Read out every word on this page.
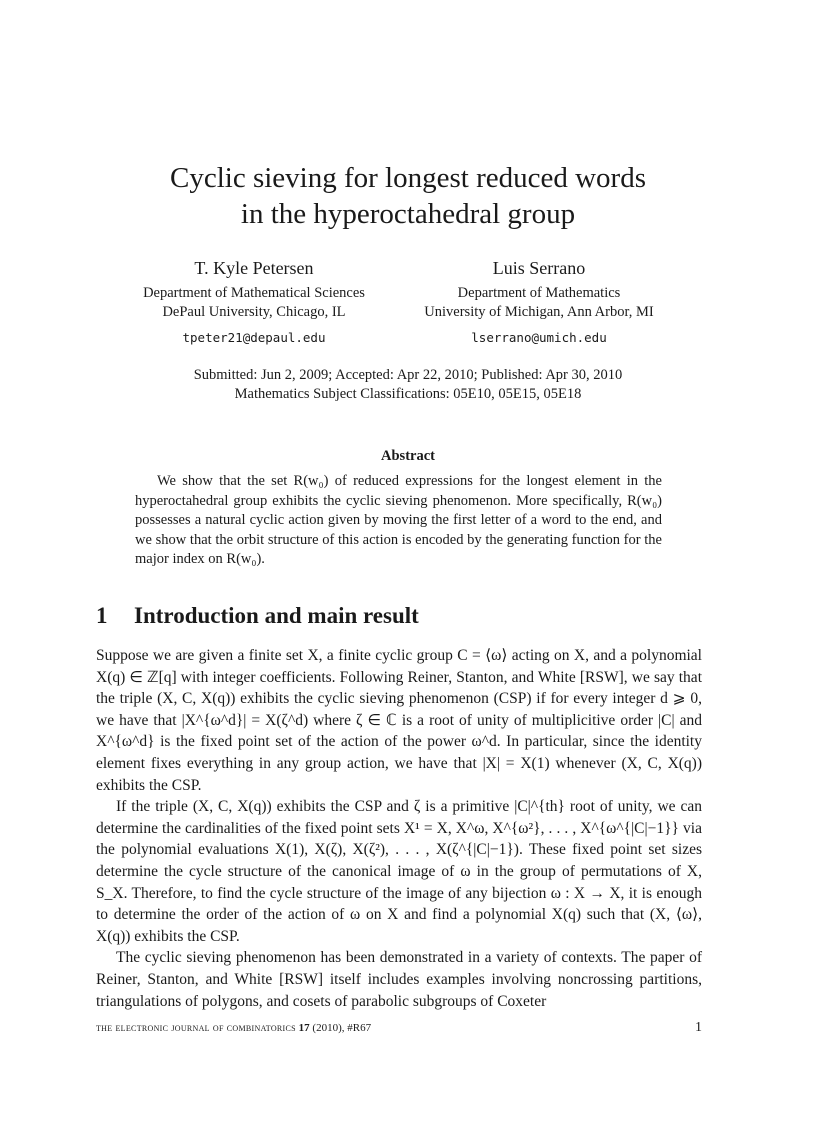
Cyclic sieving for longest reduced words
in the hyperoctahedral group
T. Kyle Petersen
Department of Mathematical Sciences
DePaul University, Chicago, IL
tpeter21@depaul.edu
Luis Serrano
Department of Mathematics
University of Michigan, Ann Arbor, MI
lserrano@umich.edu
Submitted: Jun 2, 2009; Accepted: Apr 22, 2010; Published: Apr 30, 2010
Mathematics Subject Classifications: 05E10, 05E15, 05E18
Abstract
We show that the set R(w₀) of reduced expressions for the longest element in the hyperoctahedral group exhibits the cyclic sieving phenomenon. More specifically, R(w₀) possesses a natural cyclic action given by moving the first letter of a word to the end, and we show that the orbit structure of this action is encoded by the generating function for the major index on R(w₀).
1 Introduction and main result

Suppose we are given a finite set X, a finite cyclic group C = ⟨ω⟩ acting on X, and a polynomial X(q) ∈ ℤ[q] with integer coefficients. Following Reiner, Stanton, and White [RSW], we say that the triple (X, C, X(q)) exhibits the cyclic sieving phenomenon (CSP) if for every integer d ⩾ 0, we have that |X^{ω^d}| = X(ζ^d) where ζ ∈ ℂ is a root of unity of multiplicitive order |C| and X^{ω^d} is the fixed point set of the action of the power ω^d. In particular, since the identity element fixes everything in any group action, we have that |X| = X(1) whenever (X, C, X(q)) exhibits the CSP.

If the triple (X, C, X(q)) exhibits the CSP and ζ is a primitive |C|^{th} root of unity, we can determine the cardinalities of the fixed point sets X¹ = X, X^ω, X^{ω²}, . . . , X^{ω^{|C|−1}} via the polynomial evaluations X(1), X(ζ), X(ζ²), . . . , X(ζ^{|C|−1}). These fixed point set sizes determine the cycle structure of the canonical image of ω in the group of permutations of X, S_X. Therefore, to find the cycle structure of the image of any bijection ω : X → X, it is enough to determine the order of the action of ω on X and find a polynomial X(q) such that (X, ⟨ω⟩, X(q)) exhibits the CSP.

The cyclic sieving phenomenon has been demonstrated in a variety of contexts. The paper of Reiner, Stanton, and White [RSW] itself includes examples involving noncrossing partitions, triangulations of polygons, and cosets of parabolic subgroups of Coxeter

the electronic journal of combinatorics 17 (2010), #R67	1
